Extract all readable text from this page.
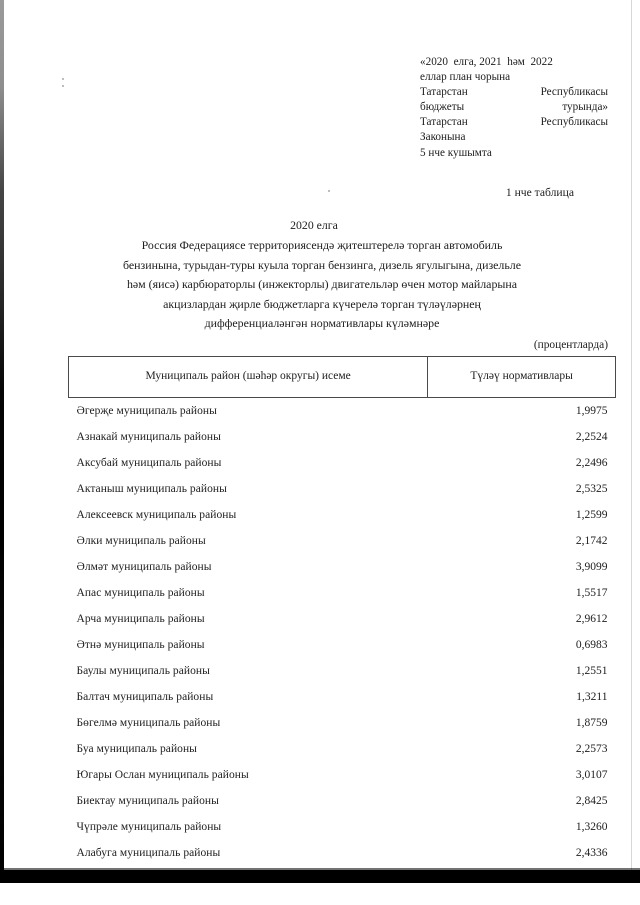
«2020  елга, 2021  һәм  2022
еллар план чорына
Татарстан         Республикасы
бюджеты                турында»
Татарстан         Республикасы
Законына
5 нче кушымта
1 нче таблица
2020 елга
Россия Федерациясе территориясендә җитештерелә торган автомобиль
бензинына, турыдан-туры куыла торган бензинга, дизель ягулыгына, дизельле
һәм (яисә) карбюраторлы (инжекторлы) двигательләр өчен мотор майларына
акцизлардан җирле бюджетларга күчерелә торган түләүләрнең
дифференциаләнгән нормативлары күләмнәре
(процентларда)
Муниципаль район (шәһәр округы) исеме	Түләү нормативлары
Әгерҗе муниципаль районы	1,9975
Азнакай муниципаль районы	2,2524
Аксубай муниципаль районы	2,2496
Актаныш муниципаль районы	2,5325
Алексеевск муниципаль районы	1,2599
Әлки муниципаль районы	2,1742
Әлмәт муниципаль районы	3,9099
Апас муниципаль районы	1,5517
Арча муниципаль районы	2,9612
Әтнә муниципаль районы	0,6983
Баулы муниципаль районы	1,2551
Балтач муниципаль районы	1,3211
Бөгелмә муниципаль районы	1,8759
Буа муниципаль районы	2,2573
Югары Ослан муниципаль районы	3,0107
Биектау муниципаль районы	2,8425
Чүпрәле муниципаль районы	1,3260
Алабуга муниципаль районы	2,4336
